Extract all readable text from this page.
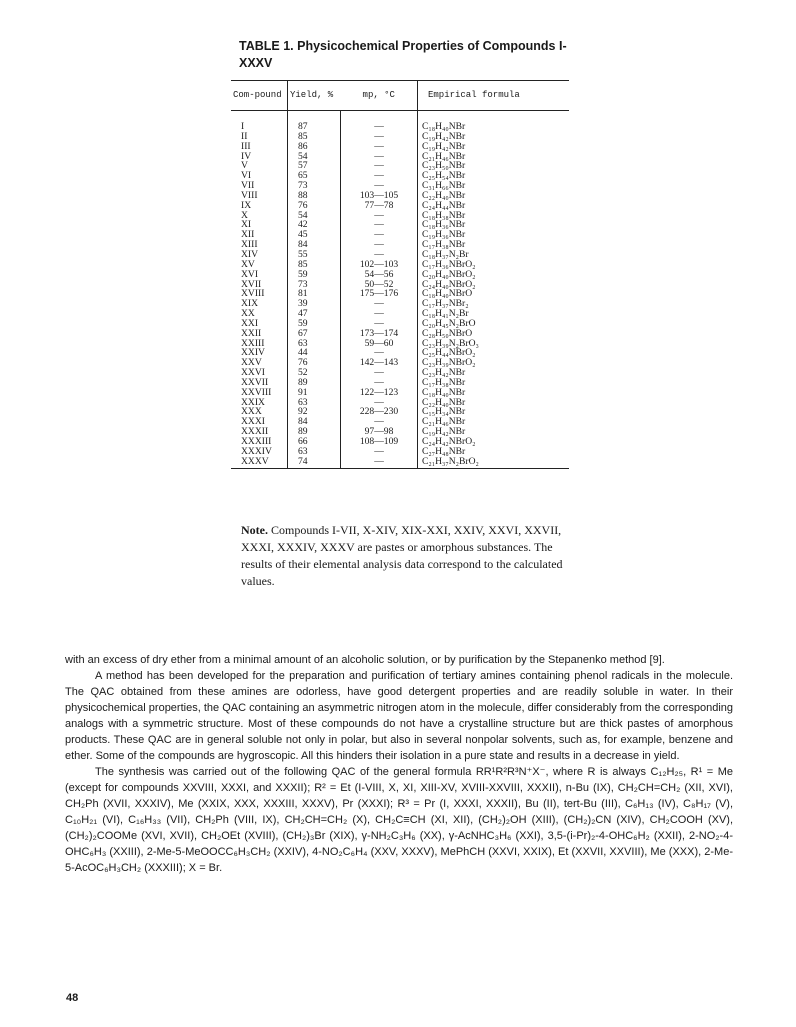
TABLE 1. Physicochemical Properties of Compounds I-XXXV
Com-pound	Yield, %	mp, °C	Empirical formula

I	87	—	C₁₈H₄₀NBr
II	85	—	C₁₉H₄₂NBr
III	86	—	C₁₉H₄₂NBr
IV	54	—	C₂₁H₄₆NBr
V	57	—	C₂₃H₅₀NBr
VI	65	—	C₂₅H₅₄NBr
VII	73	—	C₃₁H₆₆NBr
VIII	88	103—105	C₂₂H₄₀NBr
IX	76	77—78	C₂₄H₄₄NBr
X	54	—	C₁₈H₃₈NBr
XI	42	—	C₁₈H₃₆NBr
XII	45	—	C₁₉H₃₆NBr
XIII	84	—	C₁₇H₃₈NBr
XIV	55	—	C₁₈H₃₇N₂Br
XV	85	102—103	C₁₇H₃₆NBrO₂
XVI	59	54—56	C₂₀H₄₀NBrO₂
XVII	73	50—52	C₂₄H₄₀NBrO₂
XVIII	81	175—176	C₁₈H₄₀NBrO
XIX	39	—	C₁₇H₃₇NBr₂
XX	47	—	C₁₈H₄₁N₂Br
XXI	59	—	C₂₀H₄₅N₂BrO
XXII	67	173—174	C₂₈H₅₀NBrO
XXIII	63	59—60	C₂₃H₃₉N₂BrO₃
XXIV	44	—	C₂₅H₄₄NBrO₂
XXV	76	142—143	C₂₃H₃₉NBrO₂
XXVI	52	—	C₂₃H₄₂NBr
XXVII	89	—	C₁₇H₃₈NBr
XXVIII	91	122—123	C₁₈H₄₀NBr
XXIX	63	—	C₂₂H₄₀NBr
XXX	92	228—230	C₁₅H₃₄NBr
XXXI	84	—	C₂₁H₄₆NBr
XXXII	89	97—98	C₁₉H₄₂NBr
XXXIII	66	108—109	C₂₄H₄₂NBrO₂
XXXIV	63	—	C₂₇H₄₈NBr
XXXV	74	—	C₂₁H₃₇N₂BrO₂
Note. Compounds I-VII, X-XIV, XIX-XXI, XXIV, XXVI, XXVII, XXXI, XXXIV, XXXV are pastes or amorphous substances. The results of their elemental analysis data correspond to the calculated values.

with an excess of dry ether from a minimal amount of an alcoholic solution, or by purification by the Stepanenko method [9].

A method has been developed for the preparation and purification of tertiary amines containing phenol radicals in the molecule. The QAC obtained from these amines are odorless, have good detergent properties and are readily soluble in water. In their physicochemical properties, the QAC containing an asymmetric nitrogen atom in the molecule, differ considerably from the corresponding analogs with a symmetric structure. Most of these compounds do not have a crystalline structure but are thick pastes of amorphous products. These QAC are in general soluble not only in polar, but also in several nonpolar solvents, such as, for example, benzene and ether. Some of the compounds are hygroscopic. All this hinders their isolation in a pure state and results in a decrease in yield.

The synthesis was carried out of the following QAC of the general formula RR¹R²R³N⁺X⁻, where R is always C₁₂H₂₅, R¹ = Me (except for compounds XXVIII, XXXI, and XXXII); R² = Et (I-VIII, X, XI, XIII-XV, XVIII-XXVIII, XXXII), n-Bu (IX), CH₂CH=CH₂ (XII, XVI), CH₂Ph (XVII, XXXIV), Me (XXIX, XXX, XXXIII, XXXV), Pr (XXXI); R³ = Pr (I, XXXI, XXXII), Bu (II), tert-Bu (III), C₆H₁₃ (IV), C₈H₁₇ (V), C₁₀H₂₁ (VI), C₁₆H₃₃ (VII), CH₂Ph (VIII, IX), CH₂CH=CH₂ (X), CH₂C≡CH (XI, XII), (CH₂)₂OH (XIII), (CH₂)₂CN (XIV), CH₂COOH (XV), (CH₂)₂COOMe (XVI, XVII), CH₂OEt (XVIII), (CH₂)₃Br (XIX), γ-NH₂C₃H₆ (XX), γ-AcNHC₃H₆ (XXI), 3,5-(i-Pr)₂-4-OHC₆H₂ (XXII), 2-NO₂-4-OHC₆H₃ (XXIII), 2-Me-5-MeOOCC₆H₃CH₂ (XXIV), 4-NO₂C₆H₄ (XXV, XXXV), MePhCH (XXVI, XXIX), Et (XXVII, XXVIII), Me (XXX), 2-Me-5-AcOC₆H₃CH₂ (XXXIII); X = Br.

48
